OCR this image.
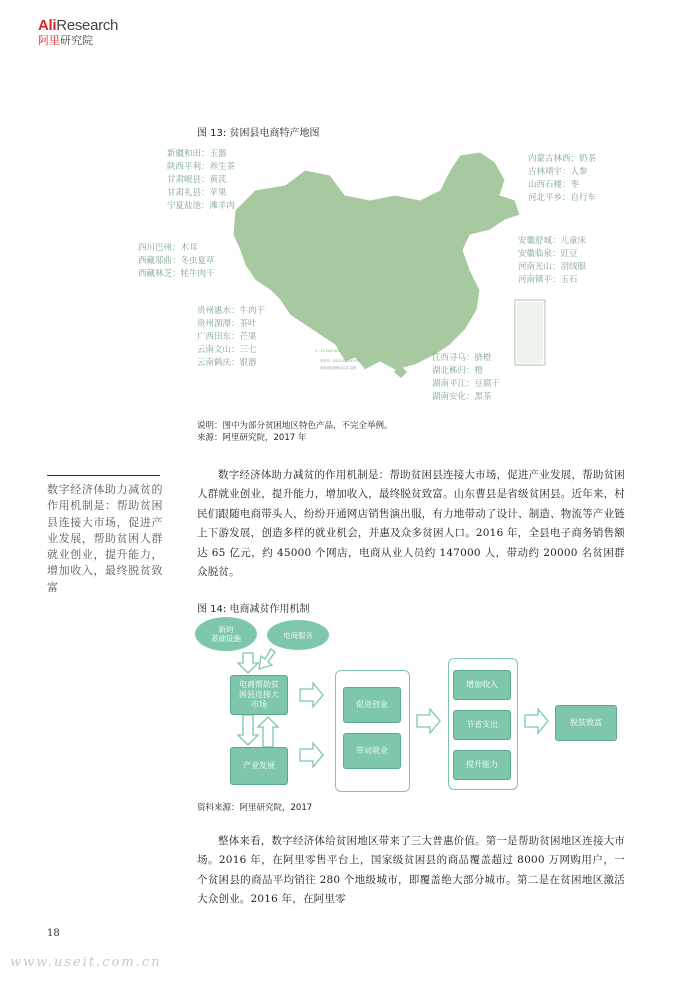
AliResearch
阿里研究院
图 13: 贫困县电商特产地图
1 : 12 000 000
审图号：GS(2016)2923号
国家测绘地理信息局 监制
新疆和田：玉器
陕西平利：养生茶
甘肃岷县：黄芪
甘肃礼县：苹果
宁夏盐池：滩羊肉
四川巴州：木耳
西藏邬曲：冬虫夏草
西藏林芝：牦牛肉干
贵州惠水：牛肉干
贵州湄潭：茶叶
广西田东：芒果
云南文山：三七
云南鹤庆：银器
内蒙古林西：奶茶
吉林靖宇：人参
山西石楼：枣
河北平乡：自行车
安徽舒城：儿童床
安徽临泉：豇豆
河南光山：羽绒服
河南镇平：玉石
江西寻乌：脐橙
湖北秭归：橙
湖南平江：豆腐干
湖南安化：黑茶
说明：图中为部分贫困地区特色产品，不完全举例。
来源：阿里研究院，2017 年
数字经济体助力减贫的作用机制是：帮助贫困县连接大市场，促进产业发展，帮助贫困人群就业创业，提升能力，增加收入，最终脱贫致富
数字经济体助力减贫的作用机制是：帮助贫困县连接大市场，促进产业发展，帮助贫困人群就业创业，提升能力，增加收入，最终脱贫致富。山东曹县是省级贫困县。近年来，村民们跟随电商带头人，纷纷开通网店销售演出服，有力地带动了设计、制造、物流等产业链上下游发展，创造多样的就业机会，并惠及众多贫困人口。2016 年，全县电子商务销售额达 65 亿元，约 45000 个网店，电商从业人员约 147000 人，带动约 20000 名贫困群众脱贫。
图 14: 电商减贫作用机制
新的
基础设施	电商服务
电商帮助贫
困县连接大
市场
产业发展
促进创业
带动就业
增加收入
节省支出
提升能力
脱贫致富
资料来源：阿里研究院，2017
整体来看，数字经济体给贫困地区带来了三大普惠价值。第一是帮助贫困地区连接大市场。2016 年，在阿里零售平台上，国家级贫困县的商品覆盖超过 8000 万网购用户，一个贫困县的商品平均销往 280 个地级城市，即覆盖绝大部分城市。第二是在贫困地区激活大众创业。2016 年，在阿里零
18
www.useit.com.cn
